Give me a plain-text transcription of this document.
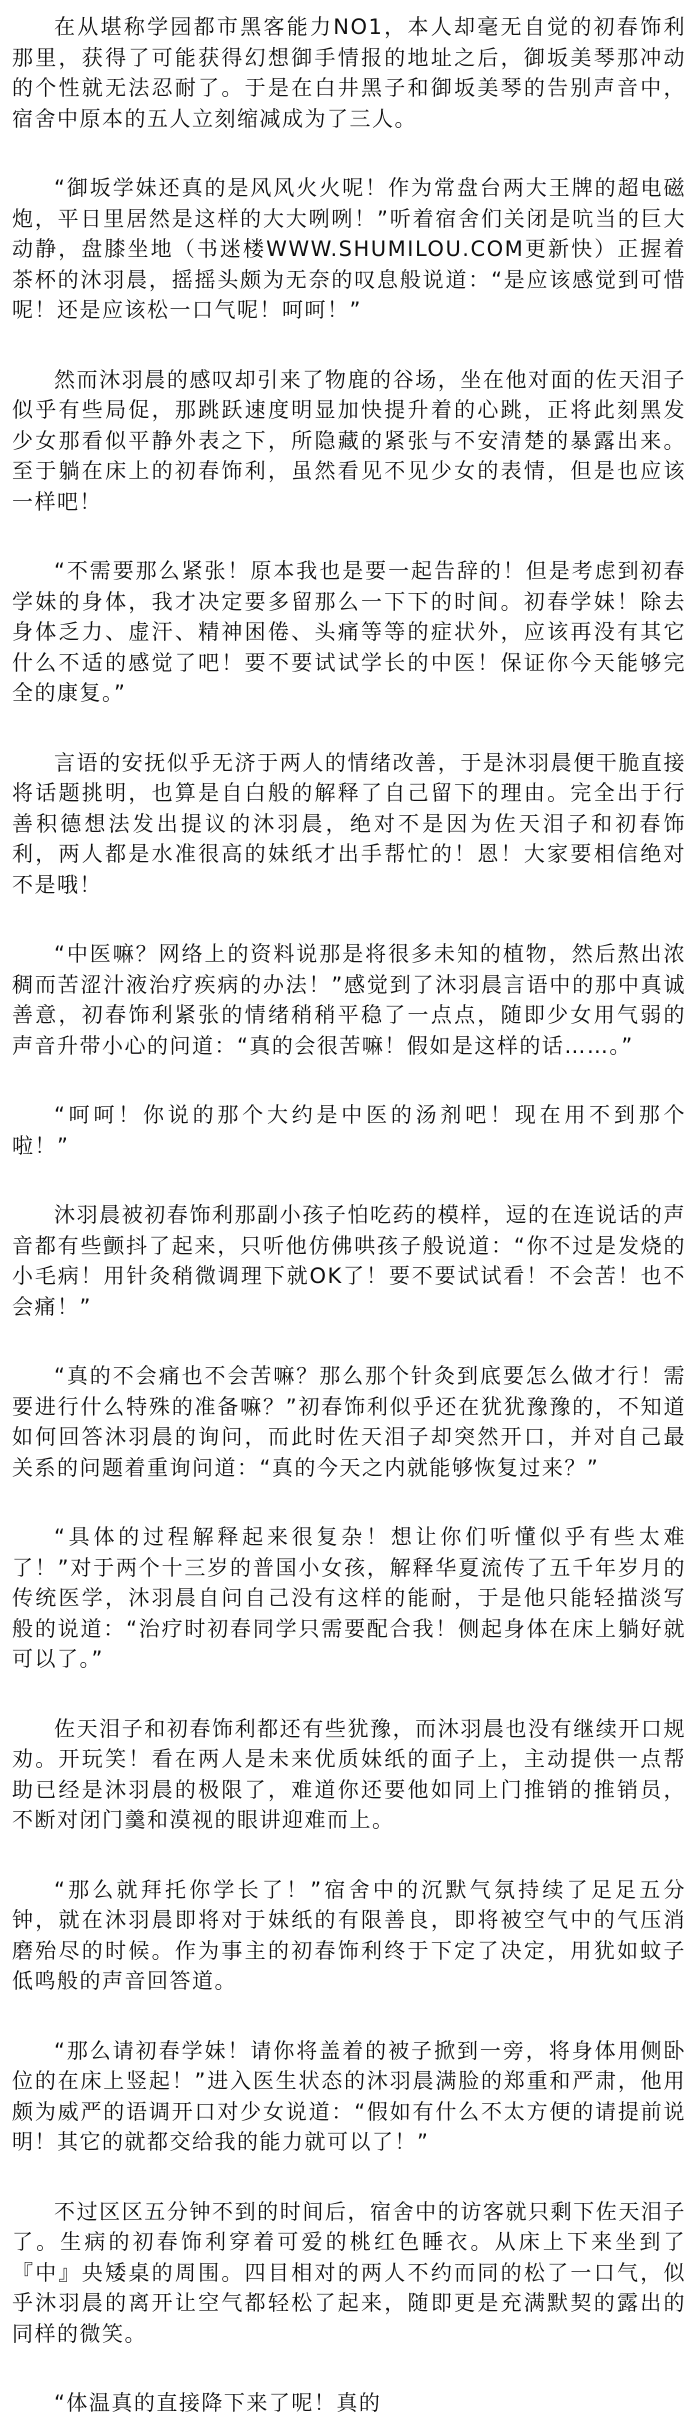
在从堪称学园都市黑客能力NO1，本人却毫无自觉的初春饰利那里，获得了可能获得幻想御手情报的地址之后，御坂美琴那冲动的个性就无法忍耐了。于是在白井黑子和御坂美琴的告别声音中，宿舍中原本的五人立刻缩减成为了三人。

“御坂学妹还真的是风风火火呢！作为常盘台两大王牌的超电磁炮，平日里居然是这样的大大咧咧！”听着宿舍们关闭是吭当的巨大动静，盘膝坐地（书迷楼WWW.SHUMILOU.COM更新快）正握着茶杯的沐羽晨，摇摇头颇为无奈的叹息般说道：“是应该感觉到可惜呢！还是应该松一口气呢！呵呵！”

然而沐羽晨的感叹却引来了物鹿的谷场，坐在他对面的佐天泪子似乎有些局促，那跳跃速度明显加快提升着的心跳，正将此刻黑发少女那看似平静外表之下，所隐藏的紧张与不安清楚的暴露出来。至于躺在床上的初春饰利，虽然看见不见少女的表情，但是也应该一样吧！

“不需要那么紧张！原本我也是要一起告辞的！但是考虑到初春学妹的身体，我才决定要多留那么一下下的时间。初春学妹！除去身体乏力、虚汗、精神困倦、头痛等等的症状外，应该再没有其它什么不适的感觉了吧！要不要试试学长的中医！保证你今天能够完全的康复。”

言语的安抚似乎无济于两人的情绪改善，于是沐羽晨便干脆直接将话题挑明，也算是自白般的解释了自己留下的理由。完全出于行善积德想法发出提议的沐羽晨，绝对不是因为佐天泪子和初春饰利，两人都是水准很高的妹纸才出手帮忙的！恩！大家要相信绝对不是哦！

“中医嘛？网络上的资料说那是将很多未知的植物，然后熬出浓稠而苦涩汁液治疗疾病的办法！”感觉到了沐羽晨言语中的那中真诚善意，初春饰利紧张的情绪稍稍平稳了一点点，随即少女用气弱的声音升带小心的问道：“真的会很苦嘛！假如是这样的话……。”

“呵呵！你说的那个大约是中医的汤剂吧！现在用不到那个啦！”

沐羽晨被初春饰利那副小孩子怕吃药的模样，逗的在连说话的声音都有些颤抖了起来，只听他仿佛哄孩子般说道：“你不过是发烧的小毛病！用针灸稍微调理下就OK了！要不要试试看！不会苦！也不会痛！”

“真的不会痛也不会苦嘛？那么那个针灸到底要怎么做才行！需要进行什么特殊的准备嘛？”初春饰利似乎还在犹犹豫豫的，不知道如何回答沐羽晨的询问，而此时佐天泪子却突然开口，并对自己最关系的问题着重询问道：“真的今天之内就能够恢复过来？”

“具体的过程解释起来很复杂！想让你们听懂似乎有些太难了！”对于两个十三岁的普国小女孩，解释华夏流传了五千年岁月的传统医学，沐羽晨自问自己没有这样的能耐，于是他只能轻描淡写般的说道：“治疗时初春同学只需要配合我！侧起身体在床上躺好就可以了。”

佐天泪子和初春饰利都还有些犹豫，而沐羽晨也没有继续开口规劝。开玩笑！看在两人是未来优质妹纸的面子上，主动提供一点帮助已经是沐羽晨的极限了，难道你还要他如同上门推销的推销员，不断对闭门羹和漠视的眼讲迎难而上。

“那么就拜托你学长了！”宿舍中的沉默气氛持续了足足五分钟，就在沐羽晨即将对于妹纸的有限善良，即将被空气中的气压消磨殆尽的时候。作为事主的初春饰利终于下定了决定，用犹如蚊子低鸣般的声音回答道。

“那么请初春学妹！请你将盖着的被子掀到一旁，将身体用侧卧位的在床上竖起！”进入医生状态的沐羽晨满脸的郑重和严肃，他用颇为威严的语调开口对少女说道：“假如有什么不太方便的请提前说明！其它的就都交给我的能力就可以了！”

不过区区五分钟不到的时间后，宿舍中的访客就只剩下佐天泪子了。生病的初春饰利穿着可爱的桃红色睡衣。从床上下来坐到了『中』央矮桌的周围。四目相对的两人不约而同的松了一口气，似乎沐羽晨的离开让空气都轻松了起来，随即更是充满默契的露出的同样的微笑。

“体温真的直接降下来了呢！真的
